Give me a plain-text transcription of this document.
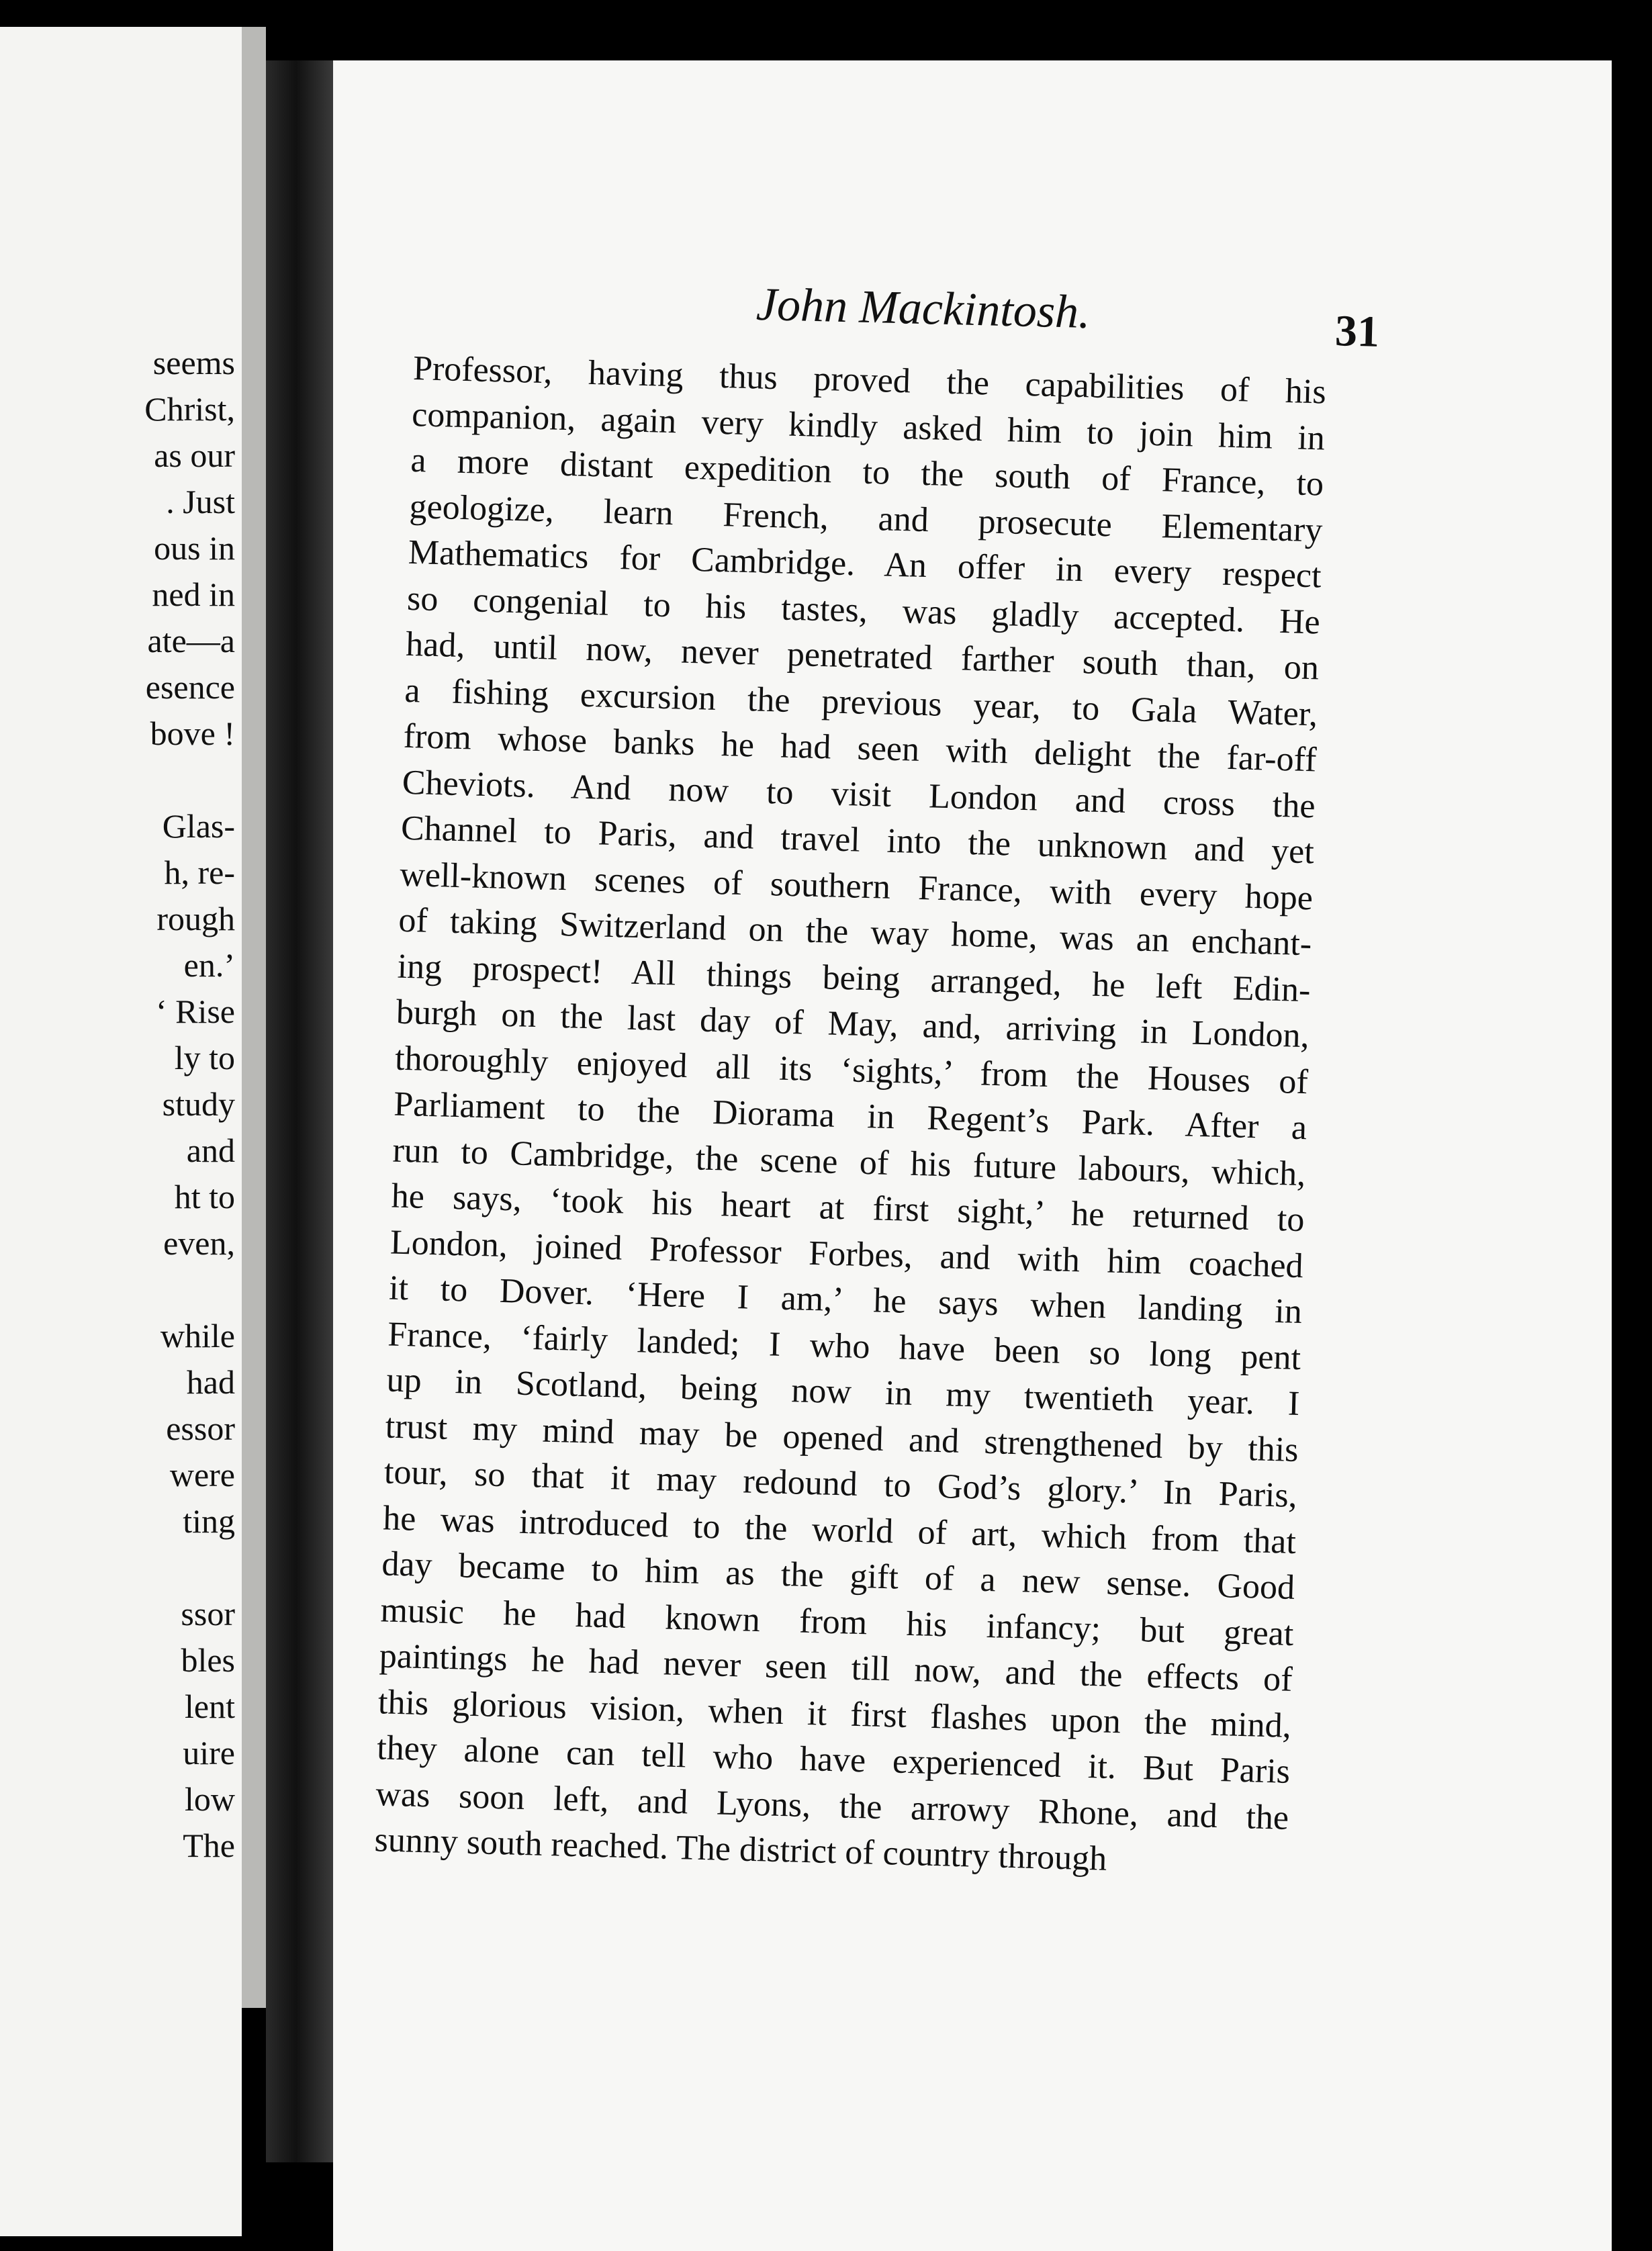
seems
Christ,
as our
. Just
ous in
ned in
ate—a
esence
bove !
Glas-
h, re-
rough
en.’
‘ Rise
ly to
study
and
ht to
even,
while
had
essor
were
ting
ssor
bles
lent
uire
low
The
John Mackintosh.	31
Professor, having thus proved the capabilities of his
companion, again very kindly asked him to join him in
a more distant expedition to the south of France, to
geologize, learn French, and prosecute Elementary
Mathematics for Cambridge. An offer in every respect
so congenial to his tastes, was gladly accepted. He
had, until now, never penetrated farther south than, on
a fishing excursion the previous year, to Gala Water,
from whose banks he had seen with delight the far-off
Cheviots. And now to visit London and cross the
Channel to Paris, and travel into the unknown and yet
well-known scenes of southern France, with every hope
of taking Switzerland on the way home, was an enchant-
ing prospect! All things being arranged, he left Edin-
burgh on the last day of May, and, arriving in London,
thoroughly enjoyed all its ‘sights,’ from the Houses of
Parliament to the Diorama in Regent’s Park. After a
run to Cambridge, the scene of his future labours, which,
he says, ‘took his heart at first sight,’ he returned to
London, joined Professor Forbes, and with him coached
it to Dover. ‘Here I am,’ he says when landing in
France, ‘fairly landed; I who have been so long pent
up in Scotland, being now in my twentieth year. I
trust my mind may be opened and strengthened by this
tour, so that it may redound to God’s glory.’ In Paris,
he was introduced to the world of art, which from that
day became to him as the gift of a new sense. Good
music he had known from his infancy; but great
paintings he had never seen till now, and the effects of
this glorious vision, when it first flashes upon the mind,
they alone can tell who have experienced it. But Paris
was soon left, and Lyons, the arrowy Rhone, and the
sunny south reached. The district of country through
